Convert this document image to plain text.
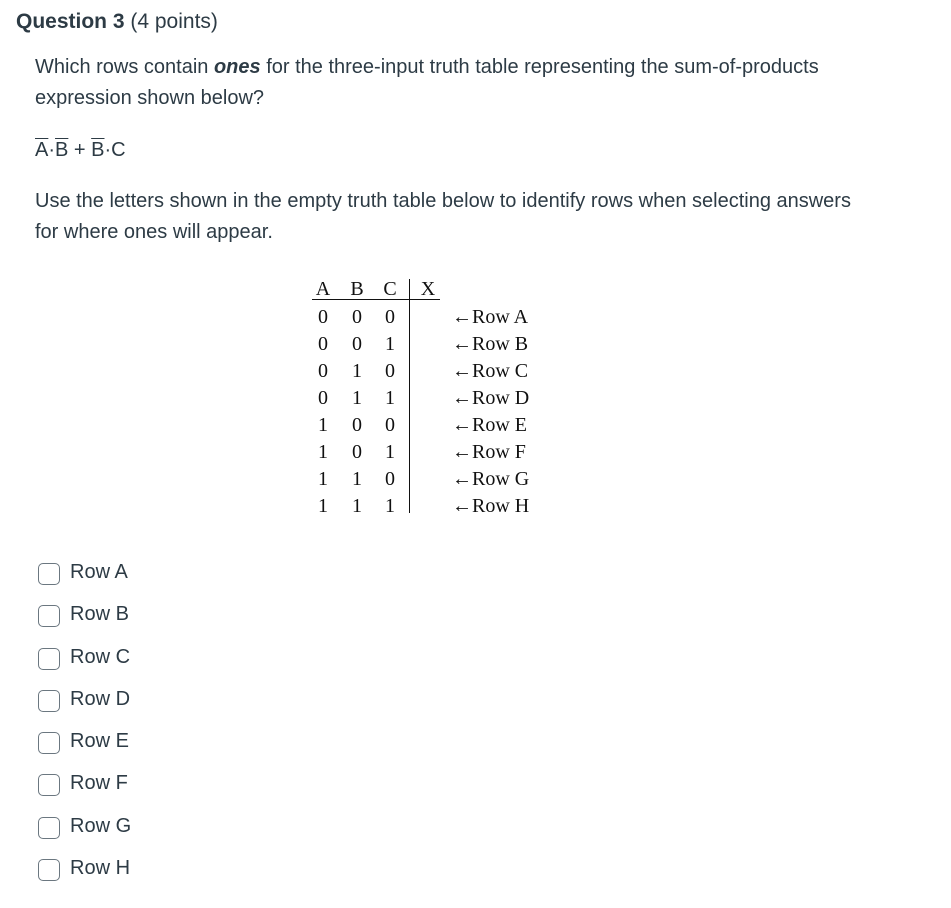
Question 3 (4 points)
Which rows contain ones for the three-input truth table representing the sum-of-products expression shown below?
$\overline{A}\cdot\overline{B} + \overline{B}\cdot C$
Use the letters shown in the empty truth table below to identify rows when selecting answers for where ones will appear.
A B C X
0 0 0	←Row A
0 0 1	←Row B
0 1 0	←Row C
0 1 1	←Row D
1 0 0	←Row E
1 0 1	←Row F
1 1 0	←Row G
1 1 1	←Row H
Row A
Row B
Row C
Row D
Row E
Row F
Row G
Row H
